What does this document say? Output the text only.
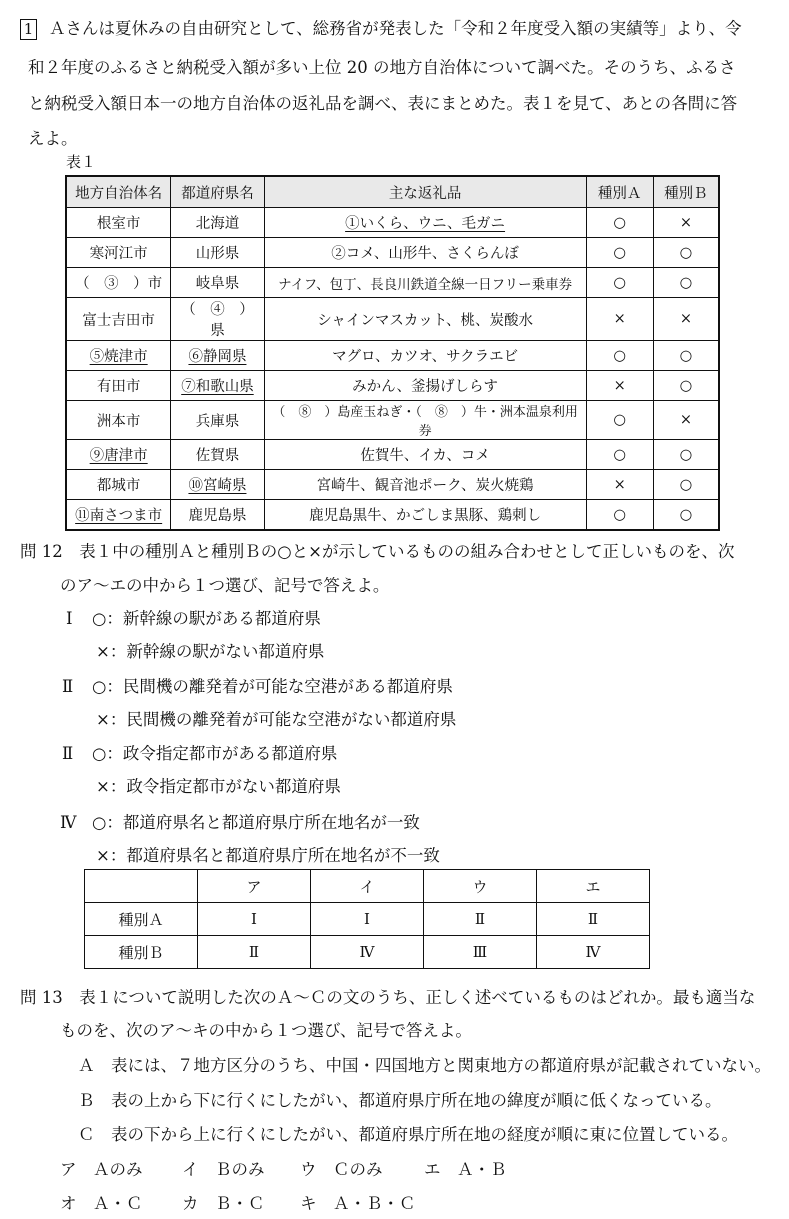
1 Ａさんは夏休みの自由研究として、総務省が発表した「令和２年度受入額の実績等」より、令
和２年度のふるさと納税受入額が多い上位 20 の地方自治体について調べた。そのうち、ふるさ
と納税受入額日本一の地方自治体の返礼品を調べ、表にまとめた。表１を見て、あとの各問に答
えよ。
表１
地方自治体名	都道府県名	主な返礼品	種別Ａ	種別Ｂ
根室市	北海道	①いくら、ウニ、毛ガニ	○	×
寒河江市	山形県	②コメ、山形牛、さくらんぼ	○	○
（　③　）市	岐阜県	ナイフ、包丁、長良川鉄道全線一日フリー乗車券	○	○
富士吉田市	（　④　）県	シャインマスカット、桃、炭酸水	×	×
⑤焼津市	⑥静岡県	マグロ、カツオ、サクラエビ	○	○
有田市	⑦和歌山県	みかん、釜揚げしらす	×	○
洲本市	兵庫県	（　⑧　）島産玉ねぎ・（　⑧　）牛・洲本温泉利用券	○	×
⑨唐津市	佐賀県	佐賀牛、イカ、コメ	○	○
都城市	⑩宮崎県	宮崎牛、観音池ポーク、炭火焼鶏	×	○
⑪南さつま市	鹿児島県	鹿児島黒牛、かごしま黒豚、鶏刺し	○	○
問 12　表１中の種別Ａと種別Ｂの○と×が示しているものの組み合わせとして正しいものを、次
のア～エの中から１つ選び、記号で答えよ。
Ⅰ ○：新幹線の駅がある都道府県
×：新幹線の駅がない都道府県
Ⅱ ○：民間機の離発着が可能な空港がある都道府県
×：民間機の離発着が可能な空港がない都道府県
Ⅱ ○：政令指定都市がある都道府県
×：政令指定都市がない都道府県
Ⅳ ○：都道府県名と都道府県庁所在地名が一致
×：都道府県名と都道府県庁所在地名が不一致
	ア	イ	ウ	エ
種別Ａ	Ⅰ	Ⅰ	Ⅱ	Ⅱ
種別Ｂ	Ⅱ	Ⅳ	Ⅲ	Ⅳ
問 13　表１について説明した次のＡ～Ｃの文のうち、正しく述べているものはどれか。最も適当な
ものを、次のア～キの中から１つ選び、記号で答えよ。
Ａ　表には、７地方区分のうち、中国・四国地方と関東地方の都道府県が記載されていない。
Ｂ　表の上から下に行くにしたがい、都道府県庁所在地の緯度が順に低くなっている。
Ｃ　表の下から上に行くにしたがい、都道府県庁所在地の経度が順に東に位置している。
ア　Ａのみ イ　Ｂのみ ウ　Ｃのみ	エ　Ａ・Ｂ
オ　Ａ・Ｃ カ　Ｂ・Ｃ キ　Ａ・Ｂ・Ｃ
